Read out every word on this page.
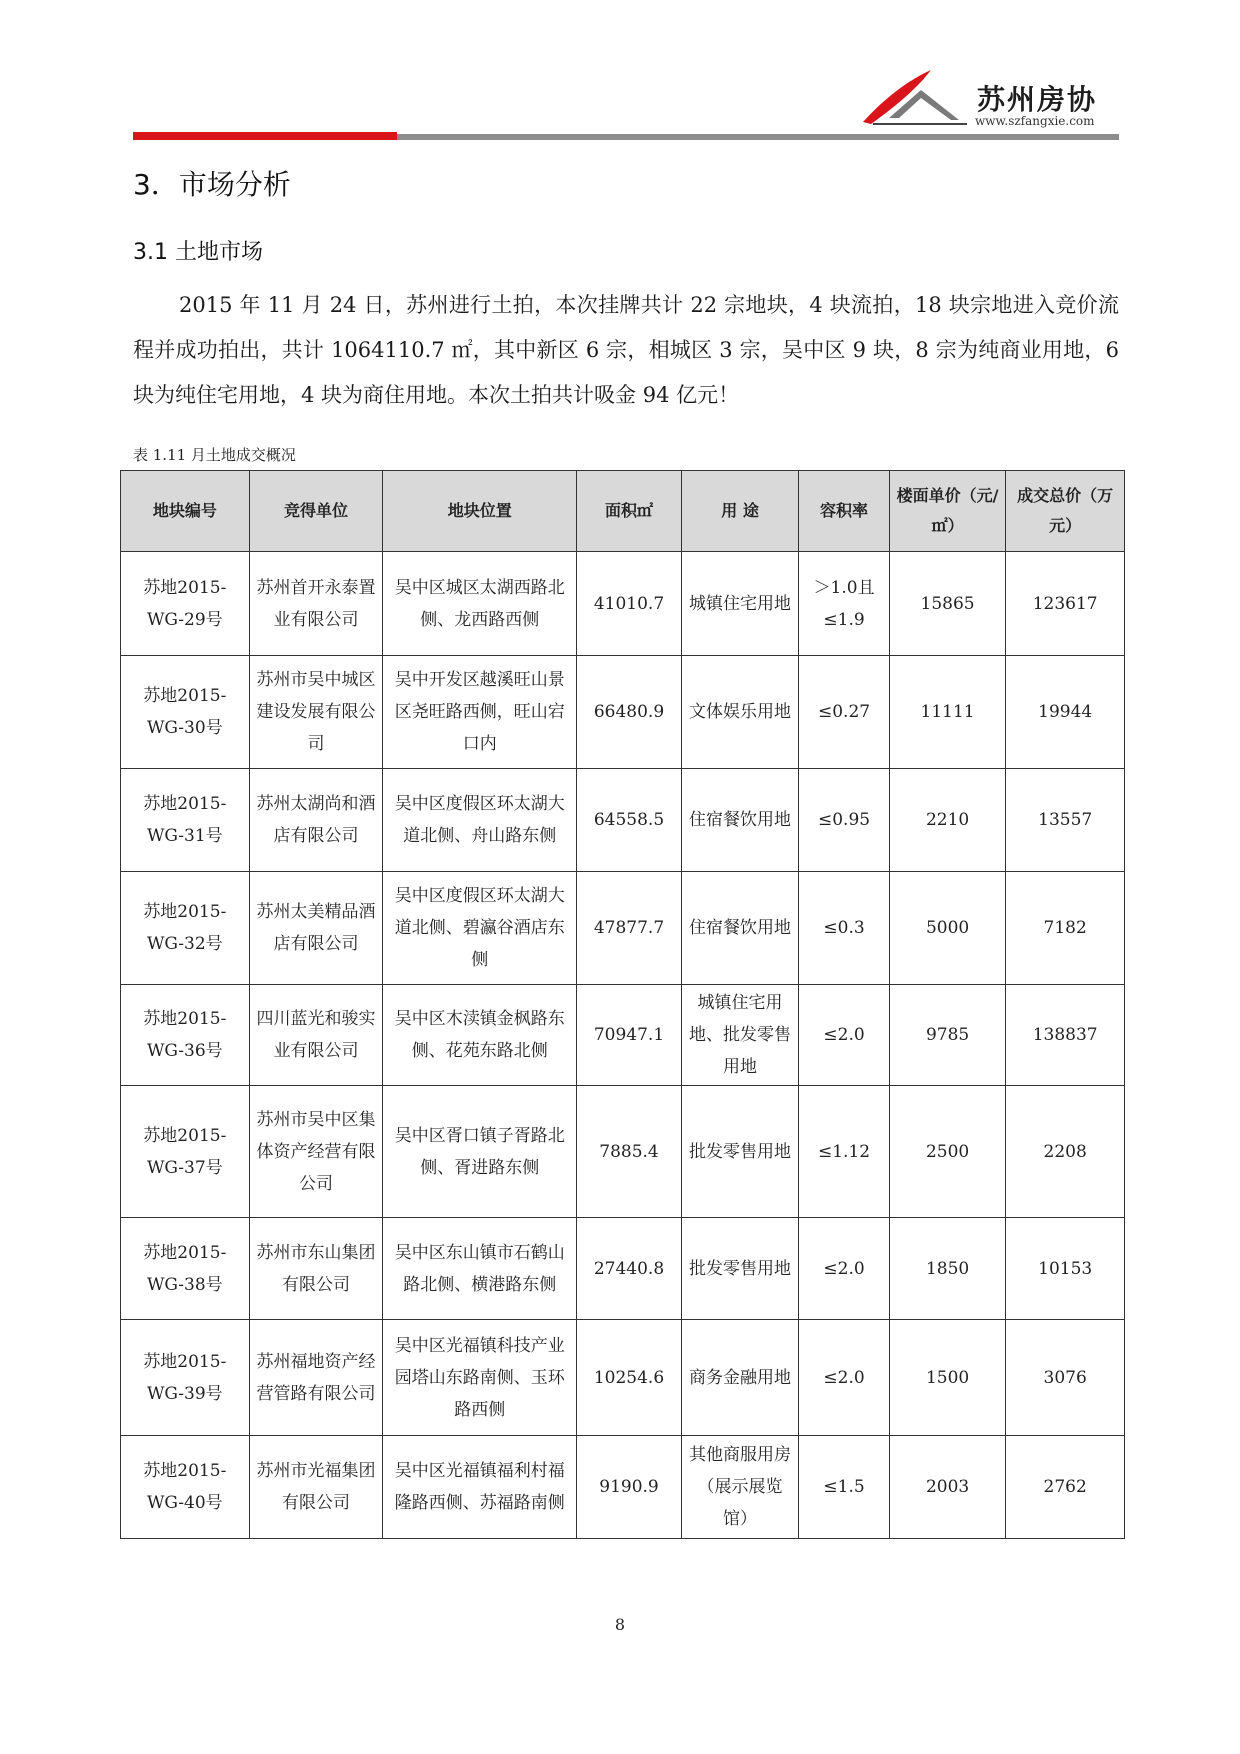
苏州房协
www.szfangxie.com
3．市场分析
3.1 土地市场
2015 年 11 月 24 日，苏州进行土拍，本次挂牌共计 22 宗地块，4 块流拍，18 块宗地进入竞价流程并成功拍出，共计 1064110.7 ㎡，其中新区 6 宗，相城区 3 宗，吴中区 9 块，8 宗为纯商业用地，6 块为纯住宅用地，4 块为商住用地。本次土拍共计吸金 94 亿元！
表 1.11 月土地成交概况
地块编号	竞得单位	地块位置	面积㎡	用 途	容积率	楼面单价（元/㎡）	成交总价（万元）
苏地2015-WG-29号	苏州首开永泰置业有限公司	吴中区城区太湖西路北侧、龙西路西侧	41010.7	城镇住宅用地	＞1.0且≤1.9	15865	123617
苏地2015-WG-30号	苏州市吴中城区建设发展有限公司	吴中开发区越溪旺山景区尧旺路西侧，旺山宕口内	66480.9	文体娱乐用地	≤0.27	11111	19944
苏地2015-WG-31号	苏州太湖尚和酒店有限公司	吴中区度假区环太湖大道北侧、舟山路东侧	64558.5	住宿餐饮用地	≤0.95	2210	13557
苏地2015-WG-32号	苏州太美精品酒店有限公司	吴中区度假区环太湖大道北侧、碧瀛谷酒店东侧	47877.7	住宿餐饮用地	≤0.3	5000	7182
苏地2015-WG-36号	四川蓝光和骏实业有限公司	吴中区木渎镇金枫路东侧、花苑东路北侧	70947.1	城镇住宅用地、批发零售用地	≤2.0	9785	138837
苏地2015-WG-37号	苏州市吴中区集体资产经营有限公司	吴中区胥口镇子胥路北侧、胥进路东侧	7885.4	批发零售用地	≤1.12	2500	2208
苏地2015-WG-38号	苏州市东山集团有限公司	吴中区东山镇市石鹤山路北侧、横港路东侧	27440.8	批发零售用地	≤2.0	1850	10153
苏地2015-WG-39号	苏州福地资产经营管路有限公司	吴中区光福镇科技产业园塔山东路南侧、玉环路西侧	10254.6	商务金融用地	≤2.0	1500	3076
苏地2015-WG-40号	苏州市光福集团有限公司	吴中区光福镇福利村福隆路西侧、苏福路南侧	9190.9	其他商服用房（展示展览馆）	≤1.5	2003	2762
8
